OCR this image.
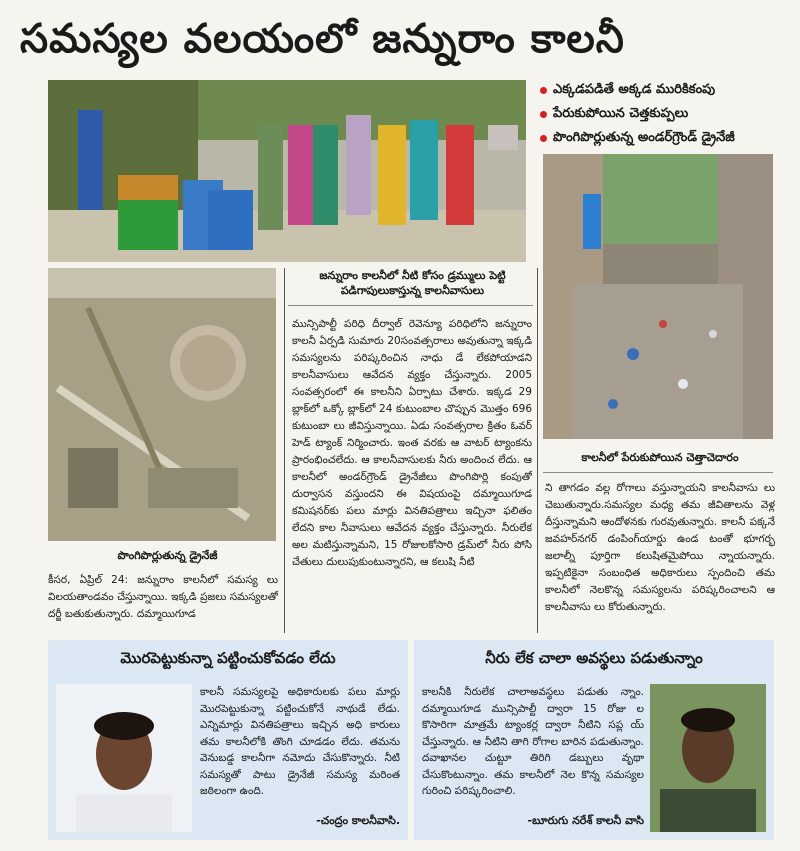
సమస్యల వలయంలో జన్నురాం కాలనీ
ఎక్కడపడితే అక్కడ మురికికంపు
పేరుకుపోయిన చెత్తకుప్పలు
పొంగిపొర్లుతున్న అండర్‌గ్రౌండ్ డ్రైనేజీ
జన్నురాం కాలనీలో నీటి కోసం డ్రమ్ములు పెట్టి పడిగాపులుకాస్తున్న కాలనీవాసులు
పొంగిపొర్లుతున్న డ్రైనేజీ
కాలనీలో పేరుకుపోయిన చెత్తాచెదారం
మున్సిపాల్టీ పరిధి దీర్వాల్ రెవెన్యూ పరిధిలోని జన్నురాం కాలనీ ఏర్పడి సుమారు 20సంవత్సరాలు అవుతున్నా ఇక్కడి సమస్యలను పరిష్కరించిన నాధు డే లేకపోయాడని కాలనీవాసులు ఆవేదన వ్యక్తం చేస్తున్నారు. 2005 సంవత్సరంలో ఈ కాలనీని ఏర్పాటు చేశారు. ఇక్కడ 29 బ్లాక్‌లో ఒక్కో బ్లాక్‌లో 24 కుటుంబాల చొప్పున మొత్తం 696 కుటుంబా లు జీవిస్తున్నాయి. ఏడు సంవత్సరాల క్రితం ఓవర్ హెడ్ ట్యాంక్ నిర్మించారు. ఇంత వరకు ఆ వాటర్ ట్యాంకను ప్రారంభించలేదు. ఆ కాలనీవాసులకు నీరు అందించ లేదు. ఆ కాలనీలో అండర్‌గ్రౌండ్ డ్రైనేజీలు పొంగిపొర్లి కంపుతో దుర్వాసన వస్తుందని ఈ విషయంపై దమ్మాయిగూడ కమిషనర్‌కు పలు మార్లు వినతిపత్రాలు ఇచ్చినా ఫలితం లేదని కాల నీవాసులు ఆవేదన వ్యక్తం చేస్తున్నారు. నీరులేక అల మటిస్తున్నామని, 15 రోజులకోసారి డ్రమ్‌లో నీరు పోసి చేతులు దులుపుకుంటున్నారని, ఆ కలుషి నీటి
కీసర, ఏప్రిల్ 24: జన్నురాం కాలనీలో సమస్య లు విలయతాండవం చేస్తున్నాయి. ఇక్కడి ప్రజలు సమస్యలతో దర్జీ బతుకుతున్నారు. దమ్మాయిగూడ
ని తాగడం వల్ల రోగాలు వస్తున్నాయని కాలనీవాసు లు చెబుతున్నారు.సమస్యల మధ్య తమ జీవితాలను వెళ్ల దీస్తున్నామని ఆందోళనకు గురవుతున్నారు. కాలనీ పక్కనే జవహర్‌నగర్ డంపింగ్‌యార్డు ఉండ టంతో భూగర్భ జలాల్నీ పూర్తిగా కలుషితమైపోయి న్నాయన్నారు. ఇప్పటికైనా సంబంధిత అధికారులు స్పందించి తమ కాలనీలో నెలకొన్న సమస్యలను పరిష్కరించాలని ఆ కాలనీవాసు లు కోరుతున్నారు.
మొరపెట్టుకున్నా పట్టించుకోవడం లేదు
కాలనీ సమస్యలపై అధికారులకు పలు మార్లు మొరపెట్టుకున్నా పట్టించుకోనే నాథుడే లేడు. ఎన్నిమార్లు వినతిపత్రాలు ఇచ్చిన అధి కారులు తమ కాలనీలోకి తొంగి చూడడం లేదు. తమను వెనుబడ్డ కాలనీగా నమోదు చేసుకొన్నారు. నీటి సమస్యతో పాటు డ్రైనేజీ సమస్య మరింత జఠిలంగా ఉంది.
-చంద్రం కాలనీవాసి.
నీరు లేక చాలా అవస్థలు పడుతున్నాం
కాలనీకి నీరులేక చాలాఅవస్థలు పడుతు న్నాం. దమ్మాయిగూడ మున్సిపాల్టీ ద్వారా 15 రోజు ల కొసారిగా మాత్రమే ట్యాంకర్ల ద్వారా నీటిని సప్ల య్ చేస్తున్నారు. ఆ నీటిని తాగి రోగాల బారిన పడుతున్నాం. దవాఖానల చుట్టూ తిరిగి డబ్బులు వృథా చేసుకొంటున్నాం. తమ కాలనీలో నెల కొన్న సమస్యల గురించి పరిష్కరించాలి.
-బూరుగు నరేశ్ కాలనీ వాసి
